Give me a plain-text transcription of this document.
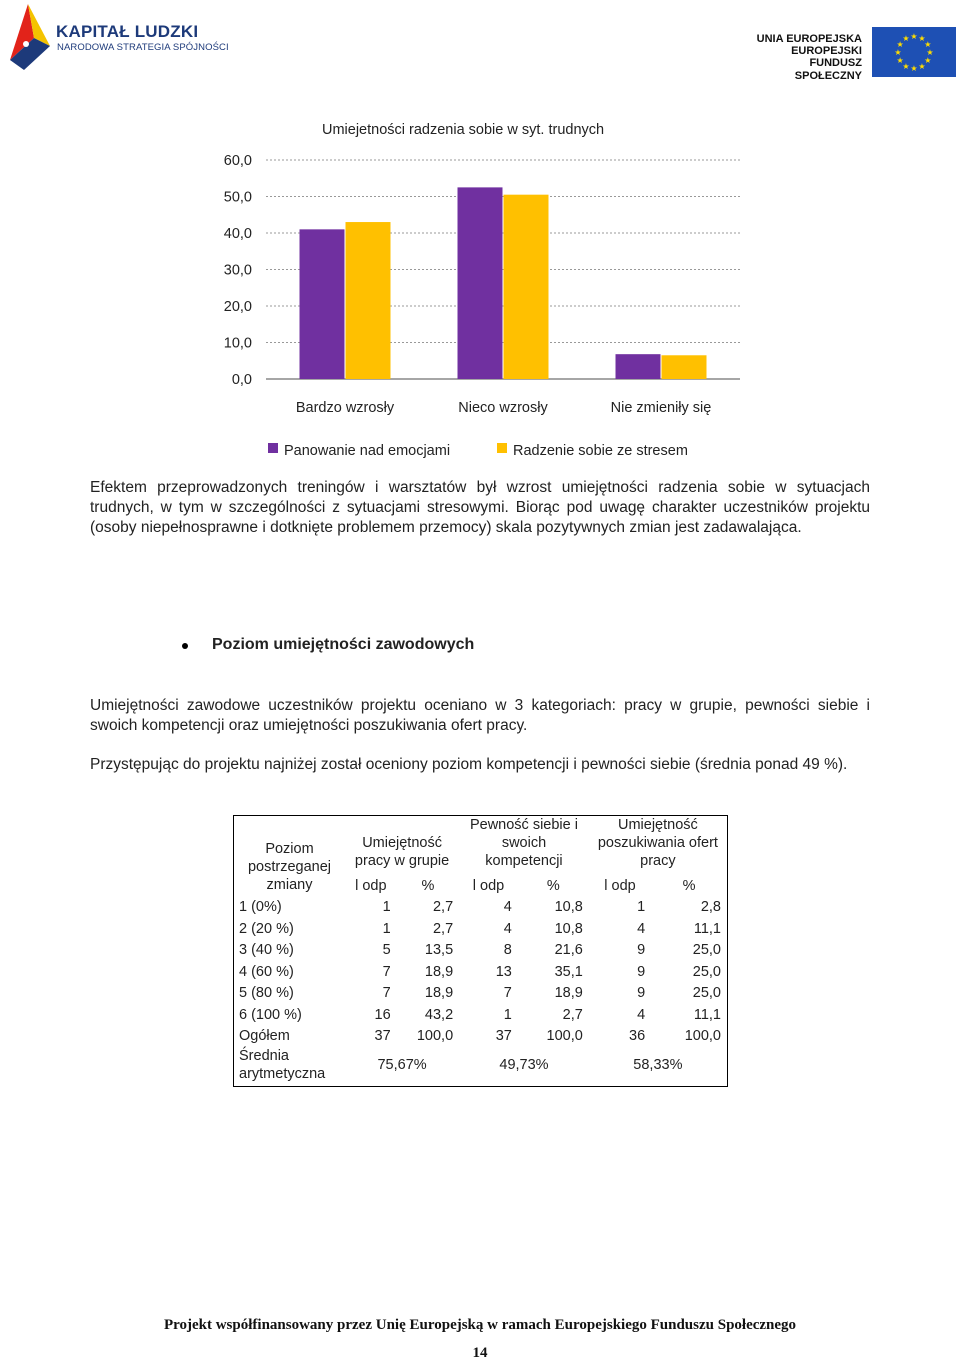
KAPITAŁ LUDZKI
NARODOWA STRATEGIA SPÓJNOŚCI
UNIA EUROPEJSKA
EUROPEJSKI
FUNDUSZ SPOŁECZNY
★
★
★
★
★
★
★
★
★ ★ ★
★
Umiejetności radzenia sobie w syt. trudnych
0,0
10,0
20,0
30,0
40,0
50,0
60,0
Bardzo wzrosły	Nieco wzrosły	Nie zmieniły się
Panowanie nad emocjami	Radzenie sobie ze stresem
Efektem przeprowadzonych treningów i warsztatów był wzrost umiejętności radzenia sobie w sytuacjach trudnych, w tym w szczególności z sytuacjami stresowymi. Biorąc pod uwagę charakter uczestników projektu (osoby niepełnosprawne i dotknięte problemem przemocy) skala pozytywnych zmian jest zadawalająca.
Poziom umiejętności zawodowych
Umiejętności zawodowe uczestników projektu oceniano w 3 kategoriach: pracy w grupie, pewności siebie i swoich kompetencji oraz umiejętności poszukiwania ofert pracy.
Przystępując do projektu najniżej został oceniony poziom kompetencji i pewności siebie (średnia ponad 49 %).
Poziom postrzeganej zmiany	Umiejętność pracy w grupie		Pewność siebie i swoich kompetencji		Umiejętność poszukiwania ofert pracy	
	l odp	%	l odp	%	l odp	%
1 (0%)	1	2,7	4	10,8	1	2,8
2 (20 %)	1	2,7	4	10,8	4	11,1
3 (40 %)	5	13,5	8	21,6	9	25,0
4 (60 %)	7	18,9	13	35,1	9	25,0
5 (80 %)	7	18,9	7	18,9	9	25,0
6 (100 %)	16	43,2	1	2,7	4	11,1
Ogółem	37	100,0	37	100,0	36	100,0
Średnia arytmetyczna	75,67%		49,73%		58,33%	
Projekt współfinansowany przez Unię Europejską w ramach Europejskiego Funduszu Społecznego
14
